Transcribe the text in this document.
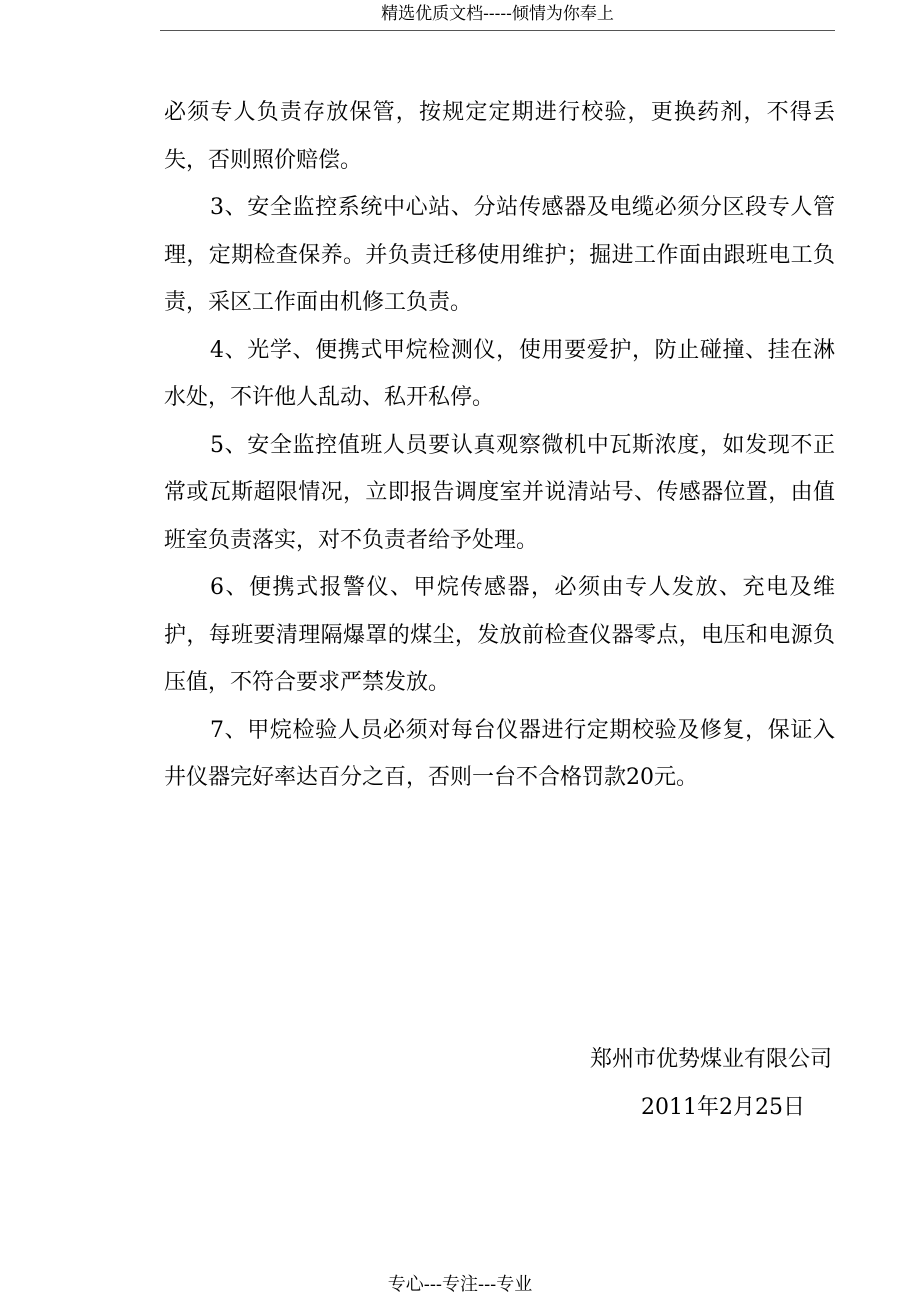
精选优质文档-----倾情为你奉上

必须专人负责存放保管，按规定定期进行校验，更换药剂，不得丢失，否则照价赔偿。

3、安全监控系统中心站、分站传感器及电缆必须分区段专人管理，定期检查保养。并负责迁移使用维护；掘进工作面由跟班电工负责，采区工作面由机修工负责。

4、光学、便携式甲烷检测仪，使用要爱护，防止碰撞、挂在淋水处，不许他人乱动、私开私停。

5、安全监控值班人员要认真观察微机中瓦斯浓度，如发现不正常或瓦斯超限情况，立即报告调度室并说清站号、传感器位置，由值班室负责落实，对不负责者给予处理。

6、便携式报警仪、甲烷传感器，必须由专人发放、充电及维护，每班要清理隔爆罩的煤尘，发放前检查仪器零点，电压和电源负压值，不符合要求严禁发放。

7、甲烷检验人员必须对每台仪器进行定期校验及修复，保证入井仪器完好率达百分之百，否则一台不合格罚款20元。

郑州市优势煤业有限公司
2011年2月25日
专心---专注---专业
